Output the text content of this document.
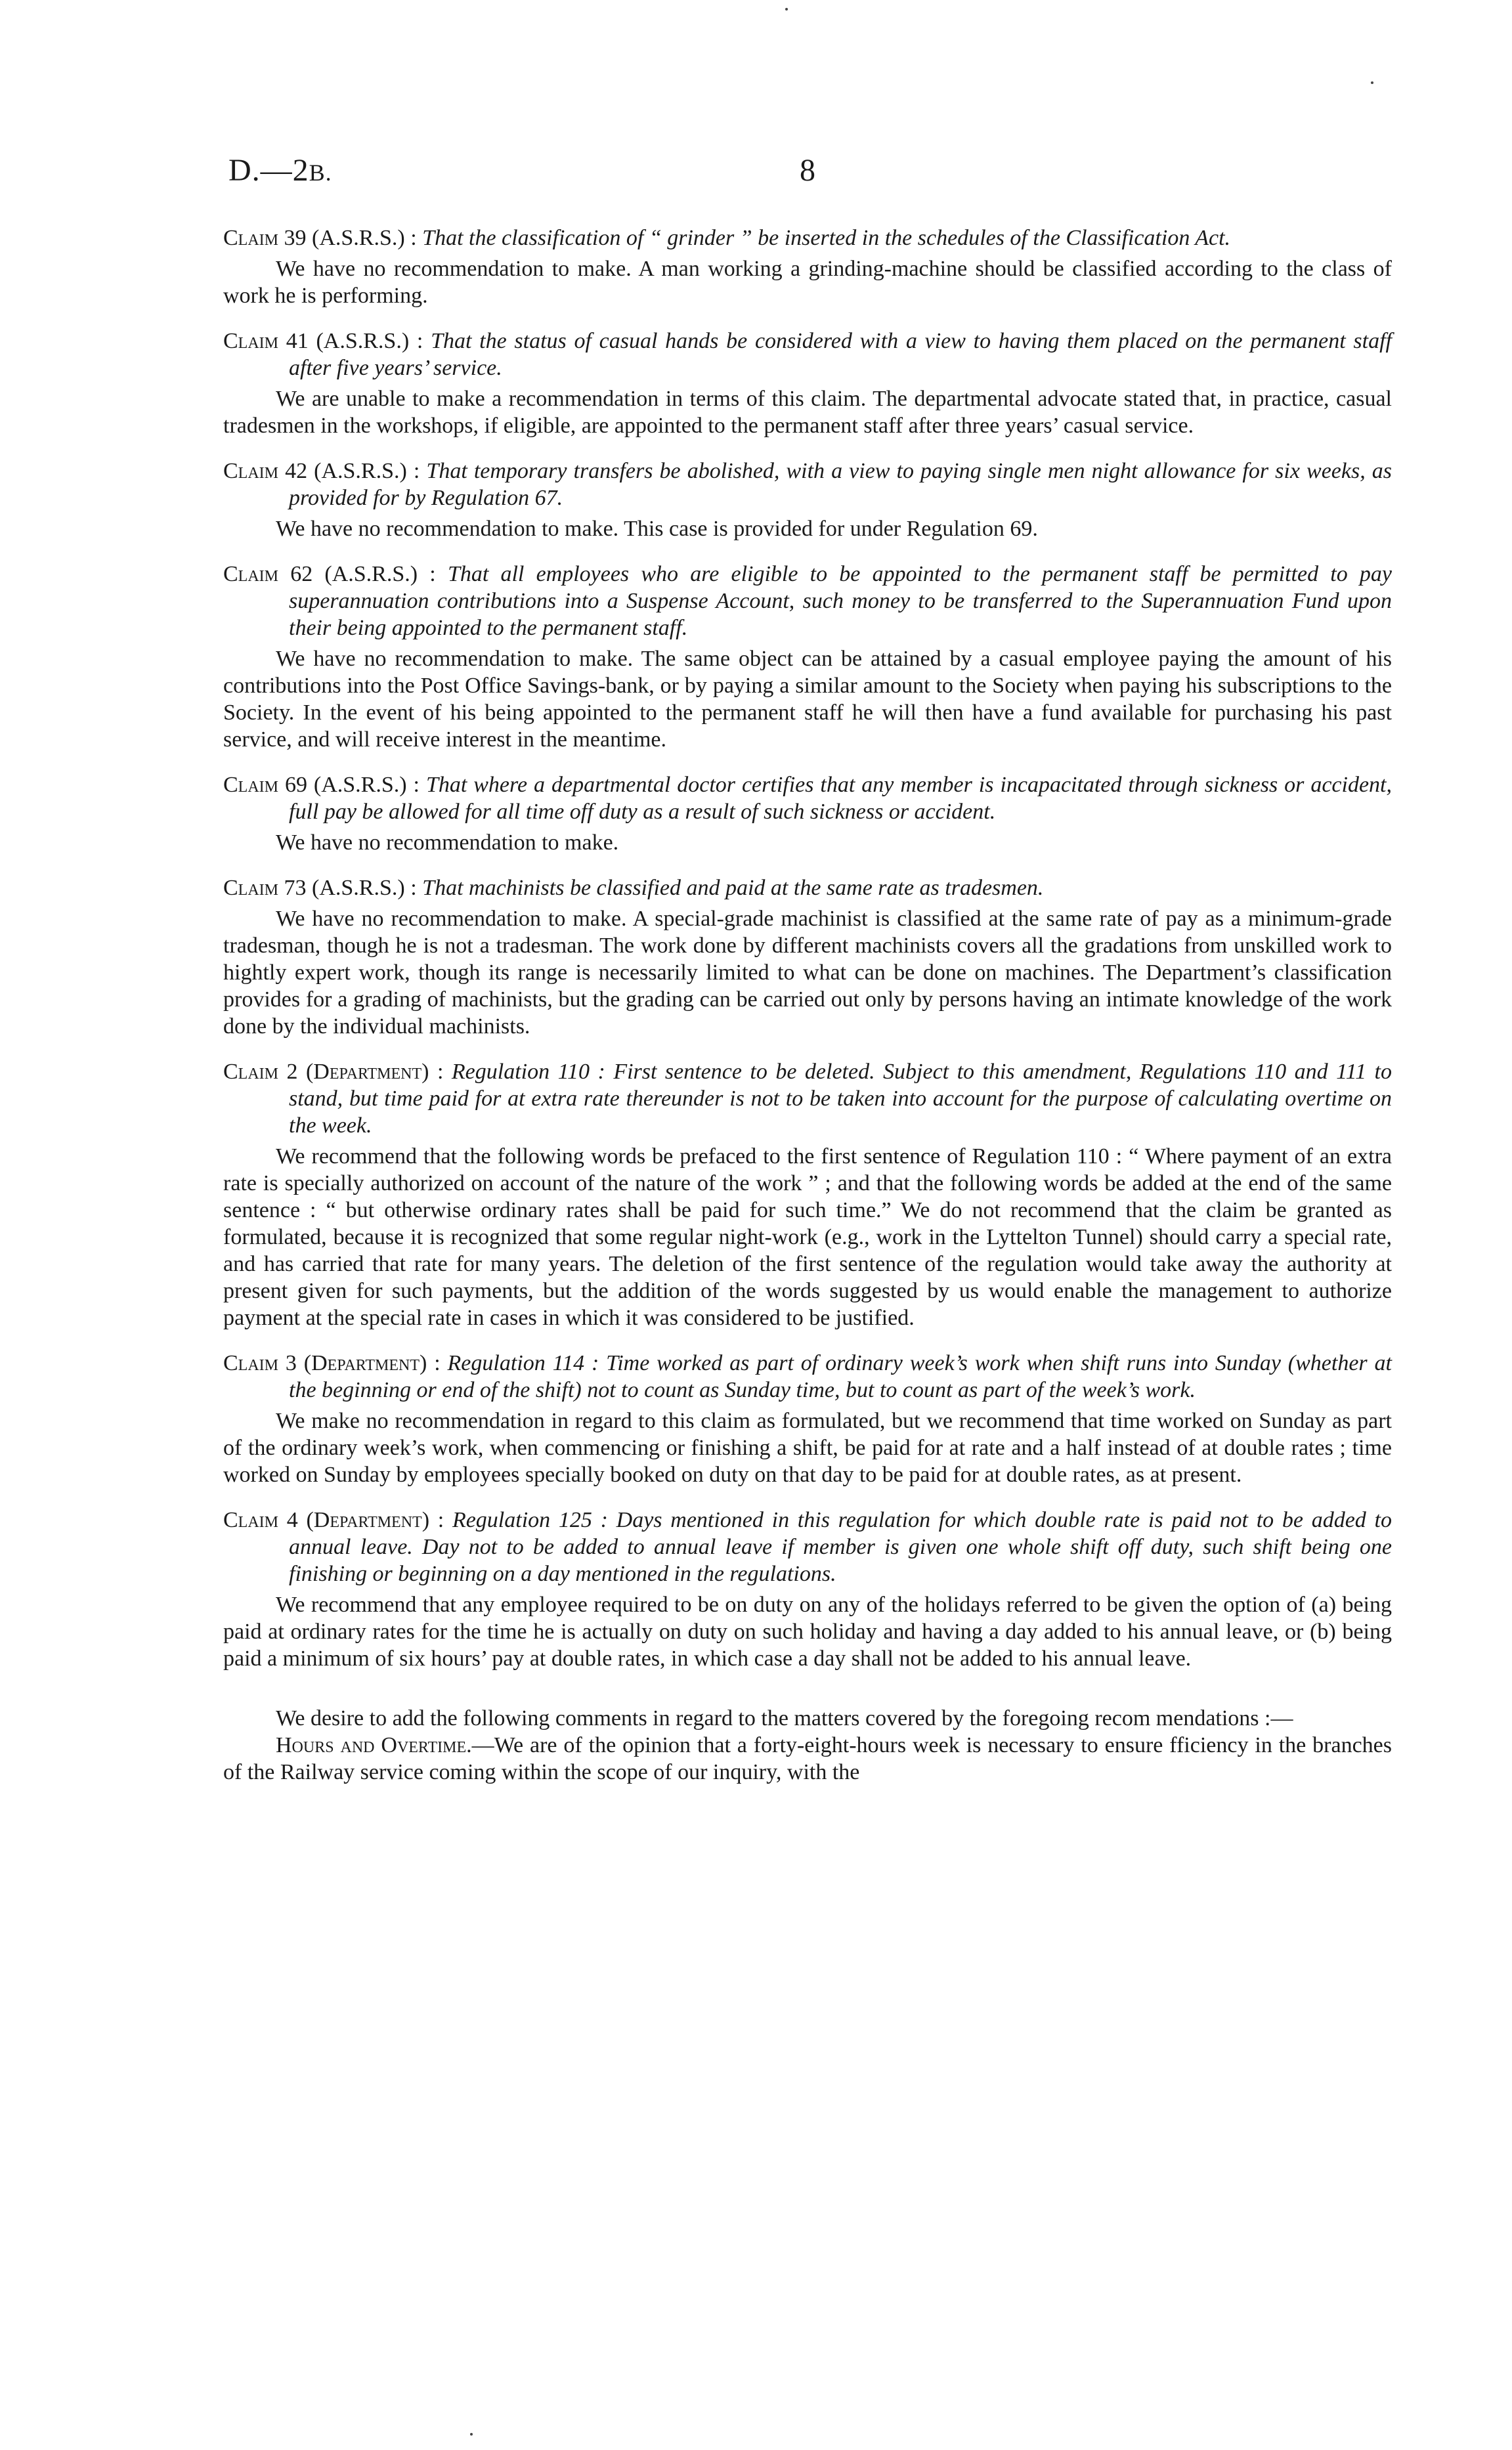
D.—2B.	8

Claim 39 (A.S.R.S.) : That the classification of “ grinder ” be inserted in the schedules of the Classification Act.

We have no recommendation to make. A man working a grinding-machine should be classified according to the class of work he is performing.

Claim 41 (A.S.R.S.) : That the status of casual hands be considered with a view to having them placed on the permanent staff after five years’ service.

We are unable to make a recommendation in terms of this claim. The departmental advocate stated that, in practice, casual tradesmen in the workshops, if eligible, are appointed to the permanent staff after three years’ casual service.

Claim 42 (A.S.R.S.) : That temporary transfers be abolished, with a view to paying single men night allowance for six weeks, as provided for by Regulation 67.

We have no recommendation to make. This case is provided for under Regulation 69.

Claim 62 (A.S.R.S.) : That all employees who are eligible to be appointed to the permanent staff be permitted to pay superannuation contributions into a Suspense Account, such money to be transferred to the Superannuation Fund upon their being appointed to the permanent staff.

We have no recommendation to make. The same object can be attained by a casual employee paying the amount of his contributions into the Post Office Savings-bank, or by paying a similar amount to the Society when paying his subscriptions to the Society. In the event of his being appointed to the permanent staff he will then have a fund available for purchasing his past service, and will receive interest in the meantime.

Claim 69 (A.S.R.S.) : That where a departmental doctor certifies that any member is incapacitated through sickness or accident, full pay be allowed for all time off duty as a result of such sickness or accident.

We have no recommendation to make.

Claim 73 (A.S.R.S.) : That machinists be classified and paid at the same rate as tradesmen.

We have no recommendation to make. A special-grade machinist is classified at the same rate of pay as a minimum-grade tradesman, though he is not a tradesman. The work done by different machinists covers all the gradations from unskilled work to hightly expert work, though its range is necessarily limited to what can be done on machines. The Department’s classification provides for a grading of machinists, but the grading can be carried out only by persons having an intimate knowledge of the work done by the individual machinists.

Claim 2 (Department) : Regulation 110 : First sentence to be deleted. Subject to this amendment, Regulations 110 and 111 to stand, but time paid for at extra rate thereunder is not to be taken into account for the purpose of calculating overtime on the week.

We recommend that the following words be prefaced to the first sentence of Regulation 110 : “ Where payment of an extra rate is specially authorized on account of the nature of the work ” ; and that the following words be added at the end of the same sentence : “ but otherwise ordinary rates shall be paid for such time.” We do not recommend that the claim be granted as formulated, because it is recognized that some regular night-work (e.g., work in the Lyttelton Tunnel) should carry a special rate, and has carried that rate for many years. The deletion of the first sentence of the regulation would take away the authority at present given for such payments, but the addition of the words suggested by us would enable the management to authorize payment at the special rate in cases in which it was considered to be justified.

Claim 3 (Department) : Regulation 114 : Time worked as part of ordinary week’s work when shift runs into Sunday (whether at the beginning or end of the shift) not to count as Sunday time, but to count as part of the week’s work.

We make no recommendation in regard to this claim as formulated, but we recommend that time worked on Sunday as part of the ordinary week’s work, when commencing or finishing a shift, be paid for at rate and a half instead of at double rates ; time worked on Sunday by employees specially booked on duty on that day to be paid for at double rates, as at present.

Claim 4 (Department) : Regulation 125 : Days mentioned in this regulation for which double rate is paid not to be added to annual leave. Day not to be added to annual leave if member is given one whole shift off duty, such shift being one finishing or beginning on a day mentioned in the regulations.

We recommend that any employee required to be on duty on any of the holidays referred to be given the option of (a) being paid at ordinary rates for the time he is actually on duty on such holiday and having a day added to his annual leave, or (b) being paid a minimum of six hours’ pay at double rates, in which case a day shall not be added to his annual leave.

We desire to add the following comments in regard to the matters covered by the foregoing recom mendations :—

Hours and Overtime.—We are of the opinion that a forty-eight-hours week is necessary to ensure fficiency in the branches of the Railway service coming within the scope of our inquiry, with the
